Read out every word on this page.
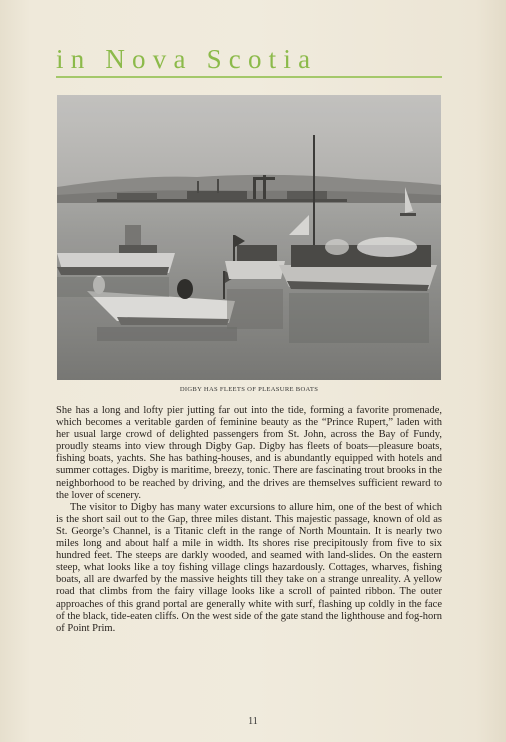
in Nova Scotia
DIGBY HAS FLEETS OF PLEASURE BOATS

She has a long and lofty pier jutting far out into the tide, forming a favorite promenade, which becomes a veritable garden of feminine beauty as the “Prince Rupert,” laden with her usual large crowd of delighted passengers from St. John, across the Bay of Fundy, proudly steams into view through Digby Gap. Digby has fleets of boats—pleasure boats, fishing boats, yachts. She has bathing-houses, and is abundantly equipped with hotels and summer cottages. Digby is maritime, breezy, tonic. There are fascinating trout brooks in the neighborhood to be reached by driving, and the drives are themselves sufficient reward to the lover of scenery.

The visitor to Digby has many water excursions to allure him, one of the best of which is the short sail out to the Gap, three miles distant. This majestic passage, known of old as St. George’s Channel, is a Titanic cleft in the range of North Mountain. It is nearly two miles long and about half a mile in width. Its shores rise precipitously from five to six hundred feet. The steeps are darkly wooded, and seamed with land-slides. On the eastern steep, what looks like a toy fishing village clings hazardously. Cottages, wharves, fishing boats, all are dwarfed by the massive heights till they take on a strange unreality. A yellow road that climbs from the fairy village looks like a scroll of painted ribbon. The outer approaches of this grand portal are generally white with surf, flashing up coldly in the face of the black, tide-eaten cliffs. On the west side of the gate stand the lighthouse and fog-horn of Point Prim.

11
